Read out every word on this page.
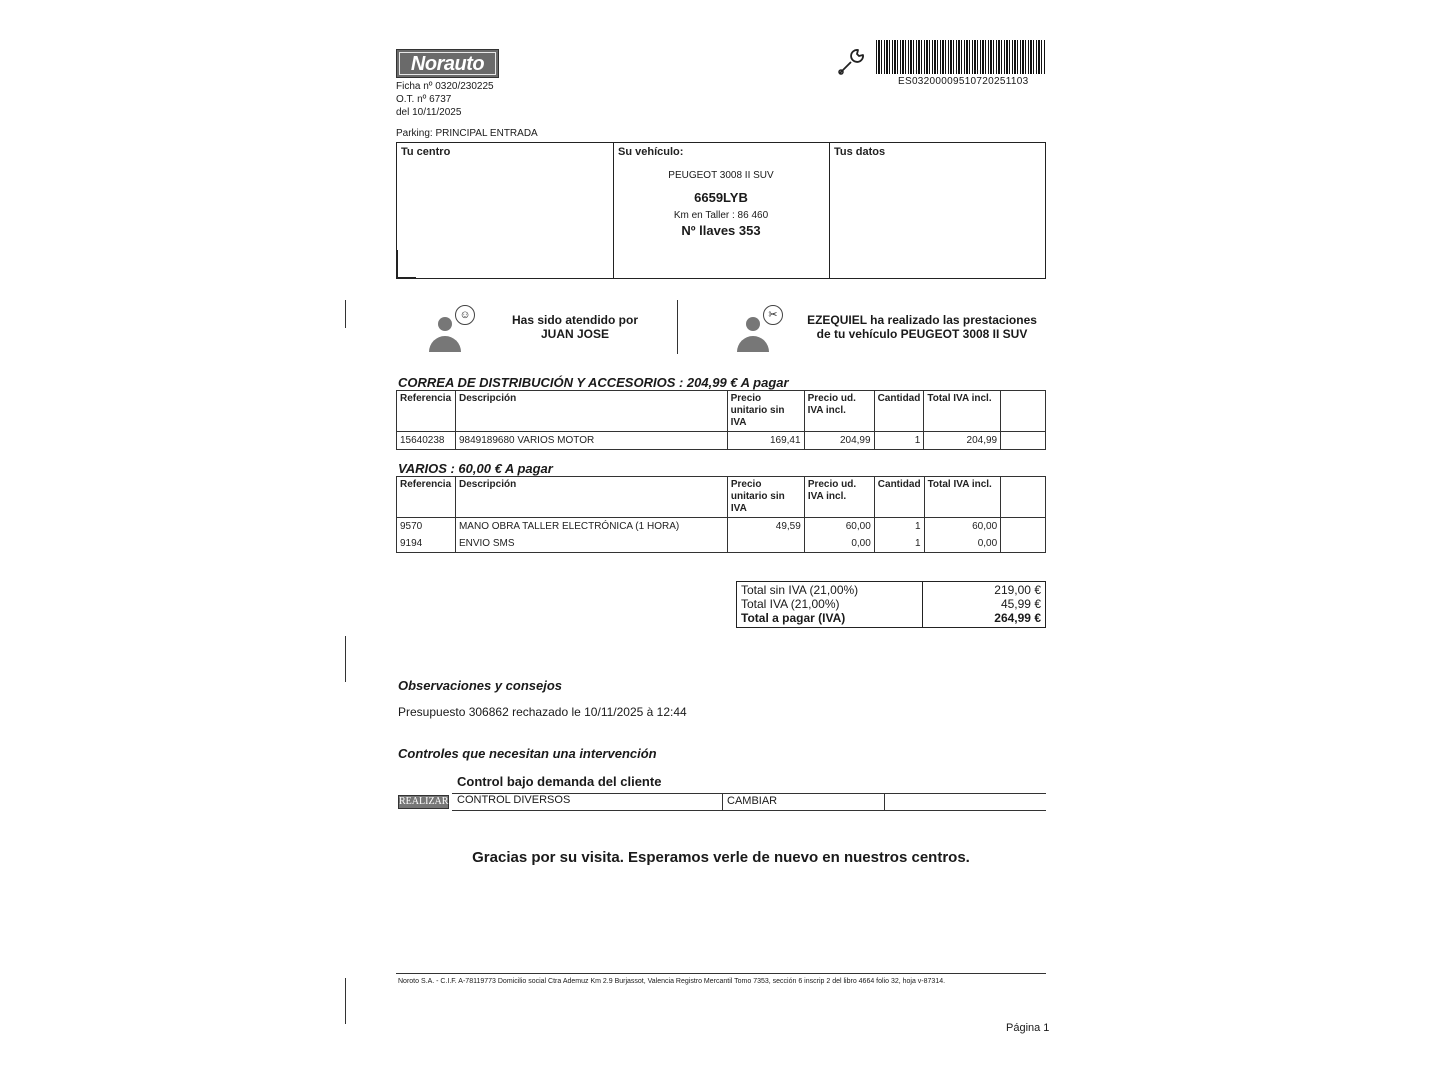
Norauto
Ficha nº 0320/230225
O.T. nº 6737
del 10/11/2025
Parking: PRINCIPAL ENTRADA
ES03200009510720251103
Tu centro	Su vehículo:	Tus datos
PEUGEOT 3008 II SUV
6659LYB
Km en Taller : 86 460
Nº llaves 353
☺	Has sido atendido por
JUAN JOSE
✂	EZEQUIEL ha realizado las prestaciones
de tu vehículo PEUGEOT 3008 II SUV
CORREA DE DISTRIBUCIÓN Y ACCESORIOS : 204,99 € A pagar
Referencia	Descripción	Precio unitario sin IVA	Precio ud. IVA incl.	Cantidad	Total IVA incl.	
15640238	9849189680 VARIOS MOTOR	169,41	204,99	1	204,99	
VARIOS : 60,00 € A pagar
Referencia	Descripción	Precio unitario sin IVA	Precio ud. IVA incl.	Cantidad	Total IVA incl.	
9570	MANO OBRA TALLER ELECTRÓNICA (1 HORA)	49,59	60,00	1	60,00	
9194	ENVIO SMS		0,00	1	0,00	
Total sin IVA (21,00%)	219,00 €
Total IVA (21,00%)	45,99 €
Total a pagar (IVA)	264,99 €
Observaciones y consejos
Presupuesto 306862 rechazado le 10/11/2025 à 12:44
Controles que necesitan una intervención
Control bajo demanda del cliente
REALIZAR CONTROL DIVERSOS	CAMBIAR
Gracias por su visita. Esperamos verle de nuevo en nuestros centros.
Noroto S.A. - C.I.F. A-78119773 Domicilio social Ctra Ademuz Km 2.9 Burjassot, Valencia Registro Mercantil Tomo 7353, sección 6 inscrip 2 del libro 4664 folio 32, hoja v-87314.
Página 1
